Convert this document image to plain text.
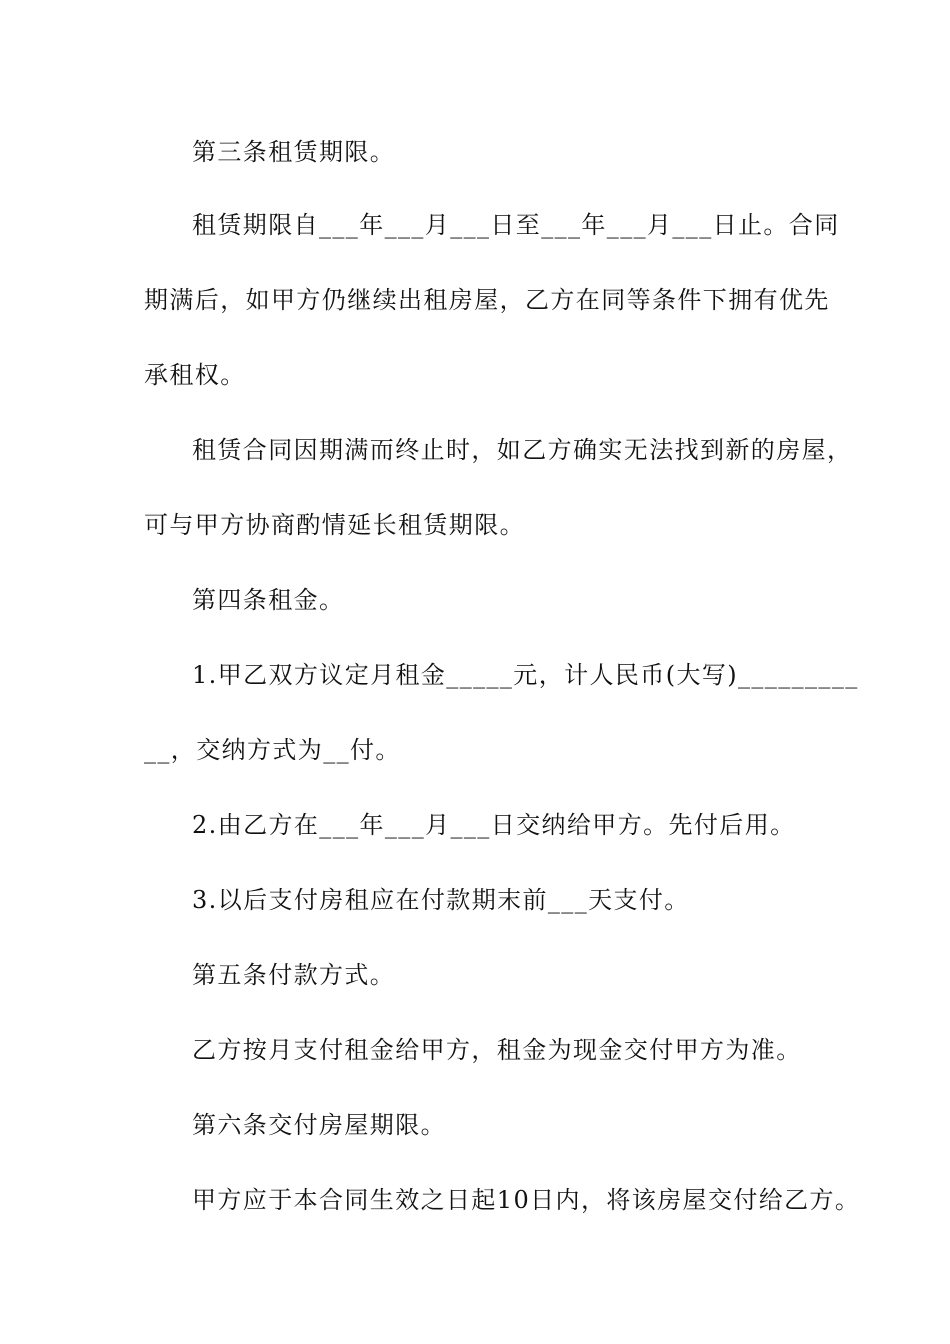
第三条租赁期限。
租赁期限自___年___月___日至___年___月___日止。合同
期满后，如甲方仍继续出租房屋，乙方在同等条件下拥有优先
承租权。
租赁合同因期满而终止时，如乙方确实无法找到新的房屋，
可与甲方协商酌情延长租赁期限。
第四条租金。
1.甲乙双方议定月租金_____元，计人民币(大写)_________
__，交纳方式为__付。
2.由乙方在___年___月___日交纳给甲方。先付后用。
3.以后支付房租应在付款期末前___天支付。
第五条付款方式。
乙方按月支付租金给甲方，租金为现金交付甲方为准。
第六条交付房屋期限。
甲方应于本合同生效之日起10日内，将该房屋交付给乙方。
